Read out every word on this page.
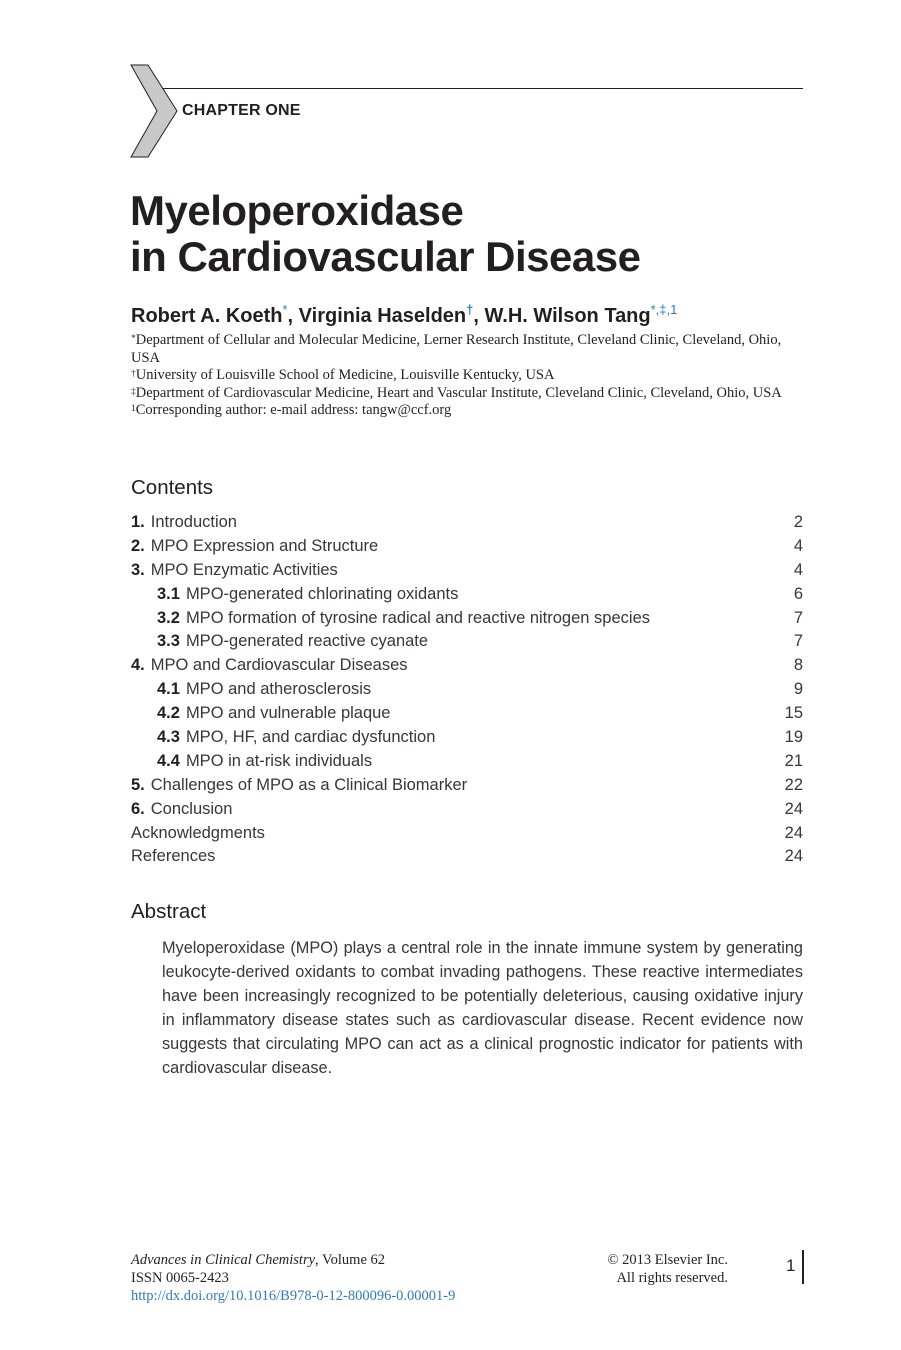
CHAPTER ONE
Myeloperoxidase
in Cardiovascular Disease
Robert A. Koeth*, Virginia Haselden†, W.H. Wilson Tang$^{*,\ddagger,1}$
*Department of Cellular and Molecular Medicine, Lerner Research Institute, Cleveland Clinic, Cleveland, Ohio, USA
†University of Louisville School of Medicine, Louisville Kentucky, USA
‡Department of Cardiovascular Medicine, Heart and Vascular Institute, Cleveland Clinic, Cleveland, Ohio, USA
$^1$Corresponding author: e-mail address: tangw@ccf.org
Contents
1. Introduction	2
2. MPO Expression and Structure	4
3. MPO Enzymatic Activities	4
3.1 MPO-generated chlorinating oxidants	6
3.2 MPO formation of tyrosine radical and reactive nitrogen species	7
3.3 MPO-generated reactive cyanate	7
4. MPO and Cardiovascular Diseases	8
4.1 MPO and atherosclerosis	9
4.2 MPO and vulnerable plaque	15
4.3 MPO, HF, and cardiac dysfunction	19
4.4 MPO in at-risk individuals	21
5. Challenges of MPO as a Clinical Biomarker	22
6. Conclusion	24
Acknowledgments	24
References	24
Abstract
Myeloperoxidase (MPO) plays a central role in the innate immune system by generating leukocyte-derived oxidants to combat invading pathogens. These reactive intermediates have been increasingly recognized to be potentially deleterious, causing oxidative injury in inflammatory disease states such as cardiovascular disease. Recent evidence now suggests that circulating MPO can act as a clinical prognostic indicator for patients with cardiovascular disease.
Advances in Clinical Chemistry, Volume 62
ISSN 0065-2423
http://dx.doi.org/10.1016/B978-0-12-800096-0.00001-9
© 2013 Elsevier Inc.
All rights reserved.
1
